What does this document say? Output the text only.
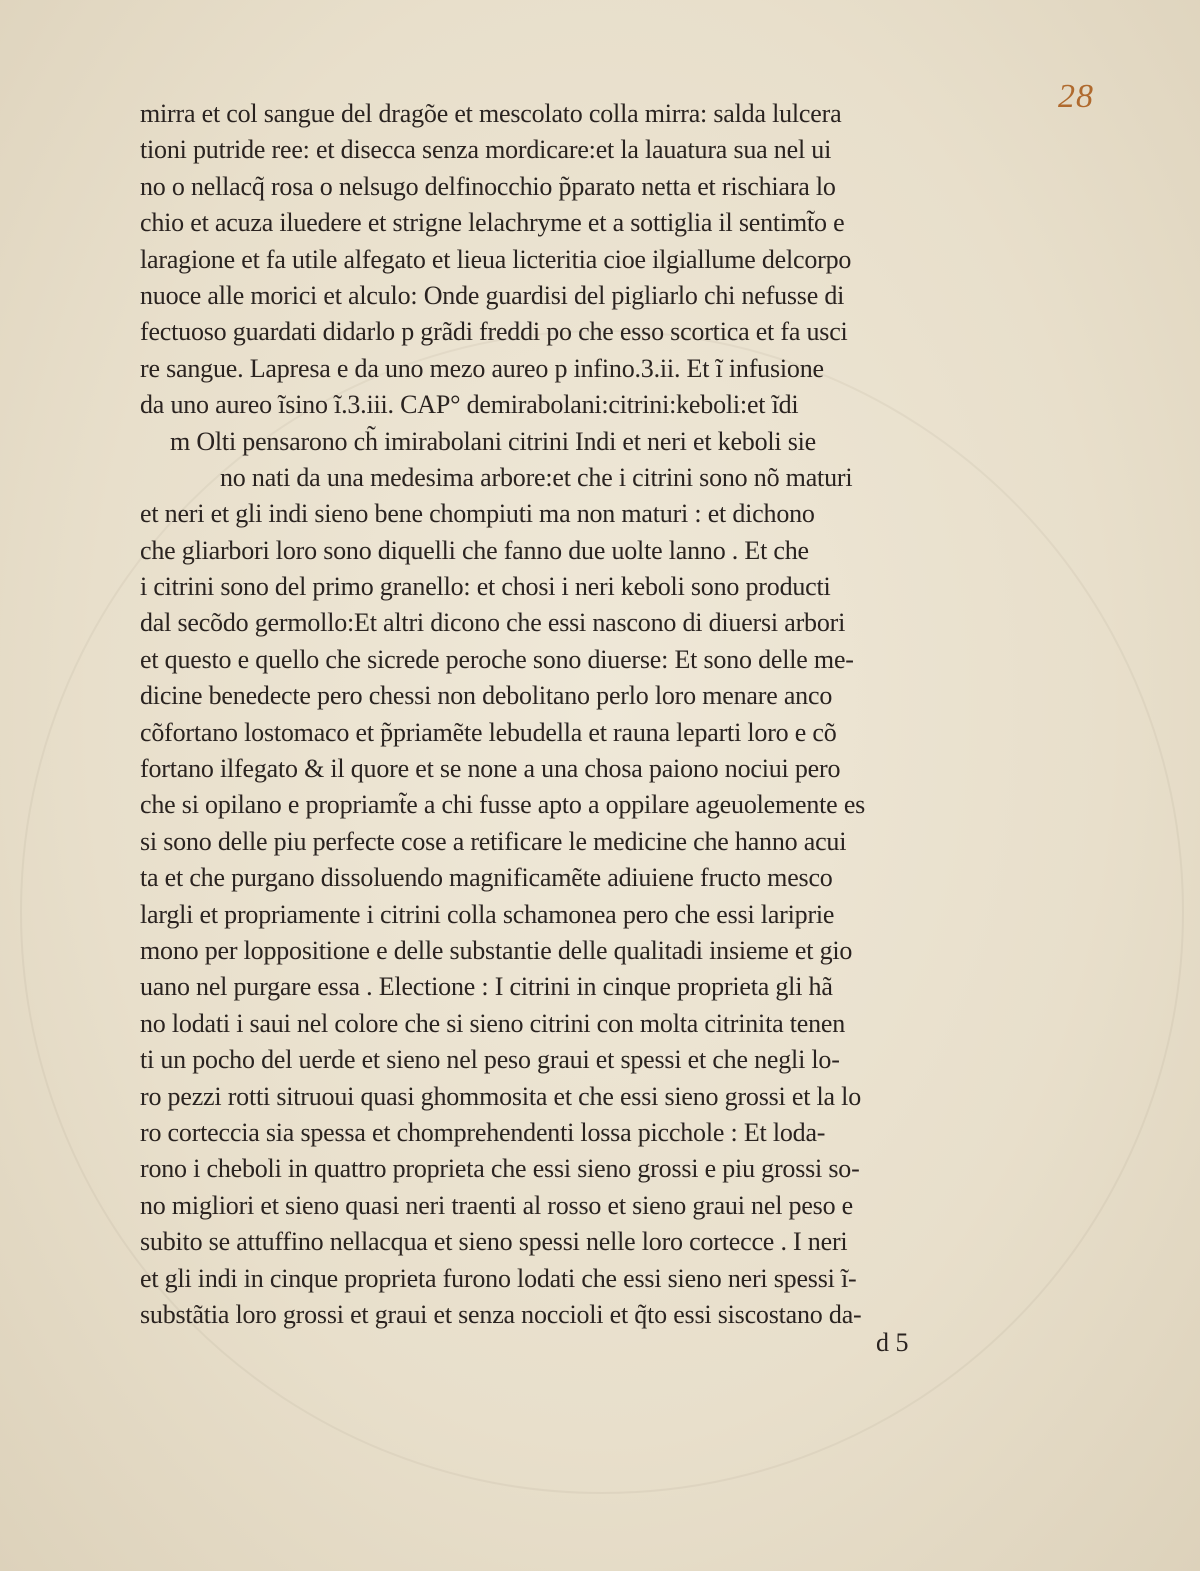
28
mirra et col sangue del dragõe et mescolato colla mirra: salda lulcera
tioni putride ree: et disecca senza mordicare:et la lauatura sua nel ui
no o nellacq̃ rosa o nelsugo delfinocchio p̃parato netta et rischiara lo
chio et acuza iluedere et strigne lelachryme et a sottiglia il sentimt̃o e
laragione et fa utile alfegato et lieua licteritia cioe ilgiallume delcorpo
nuoce alle morici et alculo: Onde guardisi del pigliarlo chi nefusse di
fectuoso guardati didarlo p grãdi freddi po che esso scortica et fa usci
re sangue. Lapresa e da uno mezo aureo p infino.3.ii. Et ĩ infusione
da uno aureo ĩsino ĩ.3.iii. CAP° demirabolani:citrini:keboli:et ĩdi
m Olti pensarono ch̃ imirabolani citrini Indi et neri et keboli sie
no nati da una medesima arbore:et che i citrini sono nõ maturi
et neri et gli indi sieno bene chompiuti ma non maturi : et dichono
che gliarbori loro sono diquelli che fanno due uolte lanno . Et che
i citrini sono del primo granello: et chosi i neri keboli sono producti
dal secõdo germollo:Et altri dicono che essi nascono di diuersi arbori
et questo e quello che sicrede peroche sono diuerse: Et sono delle me-
dicine benedecte pero chessi non debolitano perlo loro menare anco
cõfortano lostomaco et p̃priamẽte lebudella et rauna leparti loro e cõ
fortano ilfegato & il quore et se none a una chosa paiono nociui pero
che si opilano e propriamt̃e a chi fusse apto a oppilare ageuolemente es
si sono delle piu perfecte cose a retificare le medicine che hanno acui
ta et che purgano dissoluendo magnificamẽte adiuiene fructo mesco
largli et propriamente i citrini colla schamonea pero che essi lariprie
mono per loppositione e delle substantie delle qualitadi insieme et gio
uano nel purgare essa . Electione : I citrini in cinque proprieta gli hã
no lodati i saui nel colore che si sieno citrini con molta citrinita tenen
ti un pocho del uerde et sieno nel peso graui et spessi et che negli lo-
ro pezzi rotti sitruoui quasi ghommosita et che essi sieno grossi et la lo
ro corteccia sia spessa et chomprehendenti lossa picchole : Et loda-
rono i cheboli in quattro proprieta che essi sieno grossi e piu grossi so-
no migliori et sieno quasi neri traenti al rosso et sieno graui nel peso e
subito se attuffino nellacqua et sieno spessi nelle loro cortecce . I neri
et gli indi in cinque proprieta furono lodati che essi sieno neri spessi ĩ-
substãtia loro grossi et graui et senza noccioli et q̃to essi siscostano da-
d 5
